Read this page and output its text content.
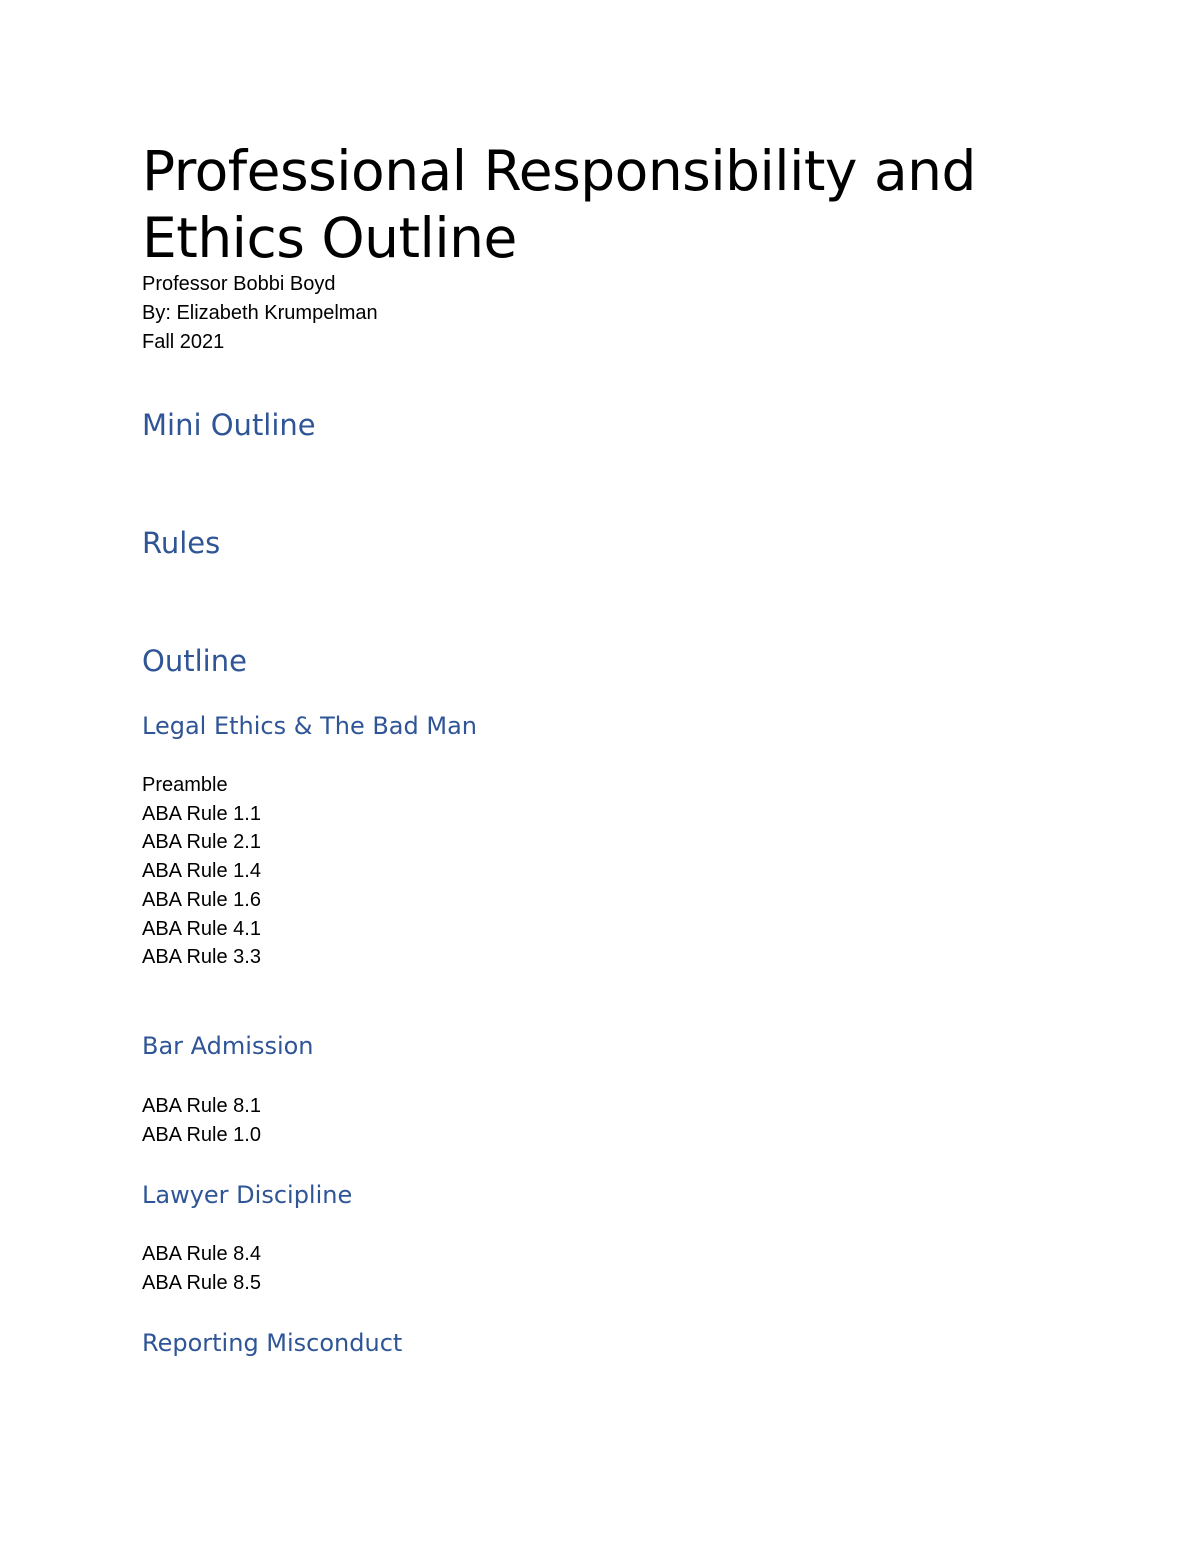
Professional Responsibility and Ethics Outline
Professor Bobbi Boyd
By: Elizabeth Krumpelman
Fall 2021
Mini Outline
Rules
Outline
Legal Ethics & The Bad Man
Preamble
ABA Rule 1.1
ABA Rule 2.1
ABA Rule 1.4
ABA Rule 1.6
ABA Rule 4.1
ABA Rule 3.3
Bar Admission
ABA Rule 8.1
ABA Rule 1.0
Lawyer Discipline
ABA Rule 8.4
ABA Rule 8.5
Reporting Misconduct
